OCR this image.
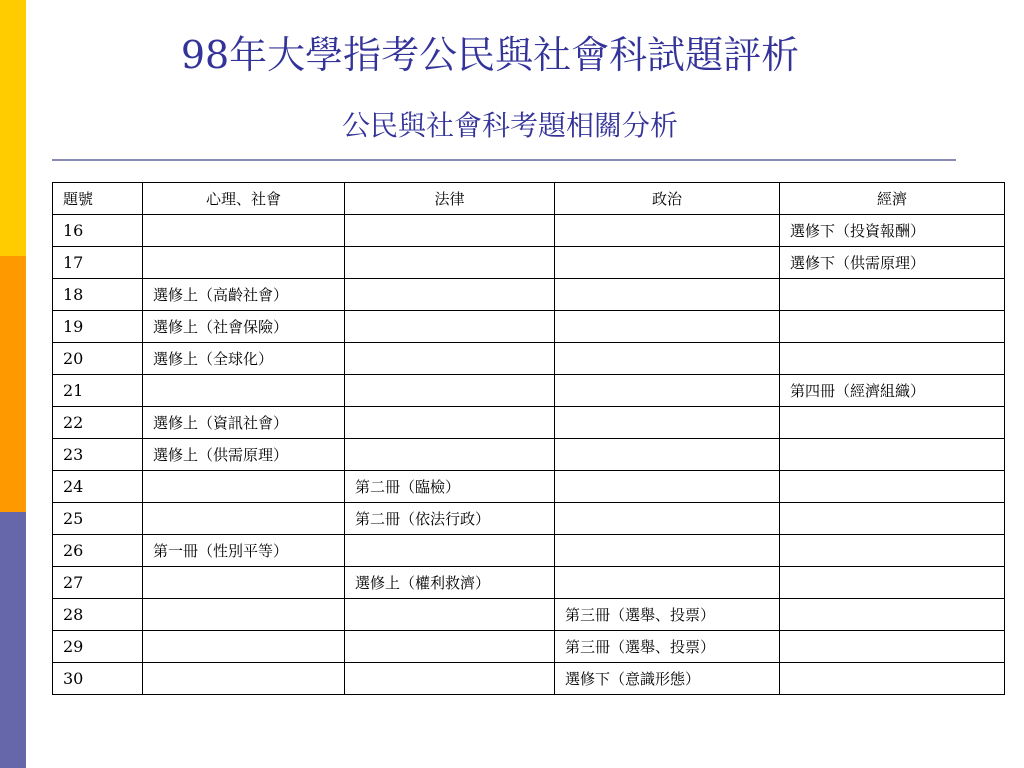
98年大學指考公民與社會科試題評析
公民與社會科考題相關分析
題號	心理、社會	法律	政治	經濟
16				選修下（投資報酬）
17				選修下（供需原理）
18	選修上（高齡社會）			
19	選修上（社會保險）			
20	選修上（全球化）			
21				第四冊（經濟組織）
22	選修上（資訊社會）			
23	選修上（供需原理）			
24		第二冊（臨檢）		
25		第二冊（依法行政）		
26	第一冊（性別平等）			
27		選修上（權利救濟）		
28			第三冊（選舉、投票）	
29			第三冊（選舉、投票）	
30			選修下（意識形態）	
